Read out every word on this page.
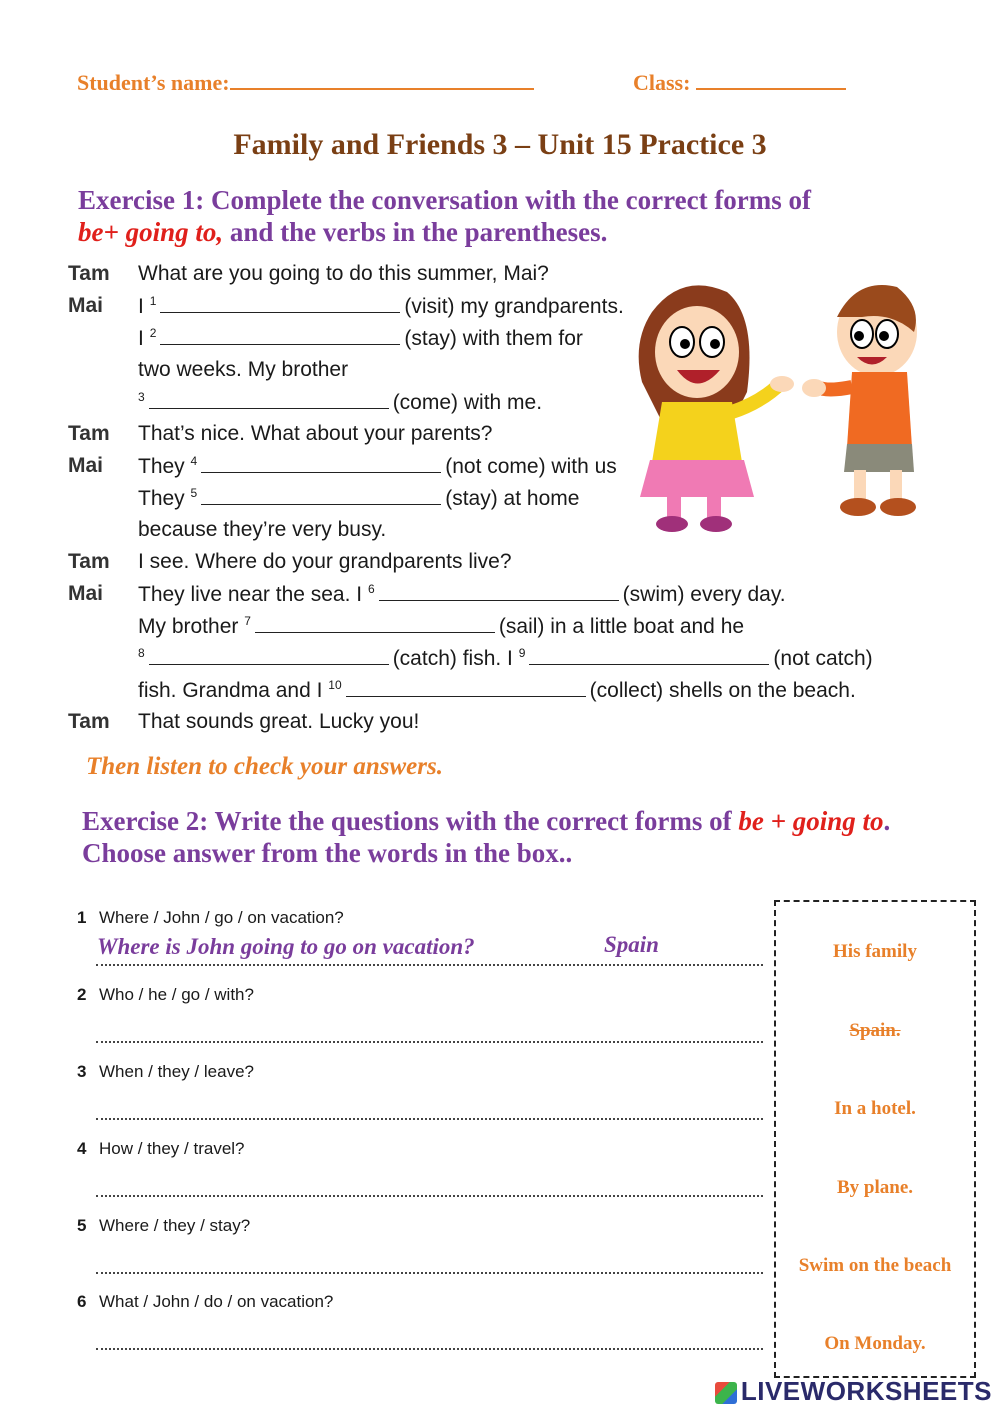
Student’s name:	Class:
Family and Friends 3 – Unit 15 Practice 3
Exercise 1: Complete the conversation with the correct forms of
be+ going to, and the verbs in the parentheses.
Tam	What are you going to do this summer, Mai?
Mai	I $^1$	(visit) my grandparents.
I $^2$	(stay) with them for
two weeks. My brother
$^3$	(come) with me.
Tam	That’s nice. What about your parents?
Mai	They $^4$	(not come) with us
They $^5$	(stay) at home
because they’re very busy.
Tam	I see. Where do your grandparents live?
Mai	They live near the sea. I $^6$	(swim) every day.
My brother $^7$	(sail) in a little boat and he
$^8$	(catch) fish. I $^9$	(not catch)
fish. Grandma and I $^{10}$	(collect) shells on the beach.
Tam	That sounds great. Lucky you!
Then listen to check your answers.
Exercise 2: Write the questions with the correct forms of be + going to.
Choose answer from the words in the box..
1 Where / John / go / on vacation?
Where is John going to go on vacation?	Spain
2 Who / he / go / with?
3 When / they / leave?
4 How / they / travel?
5 Where / they / stay?
6 What / John / do / on vacation?
His family
Spain.
In a hotel.
By plane.
Swim on the beach
On Monday.
LIVEWORKSHEETS
